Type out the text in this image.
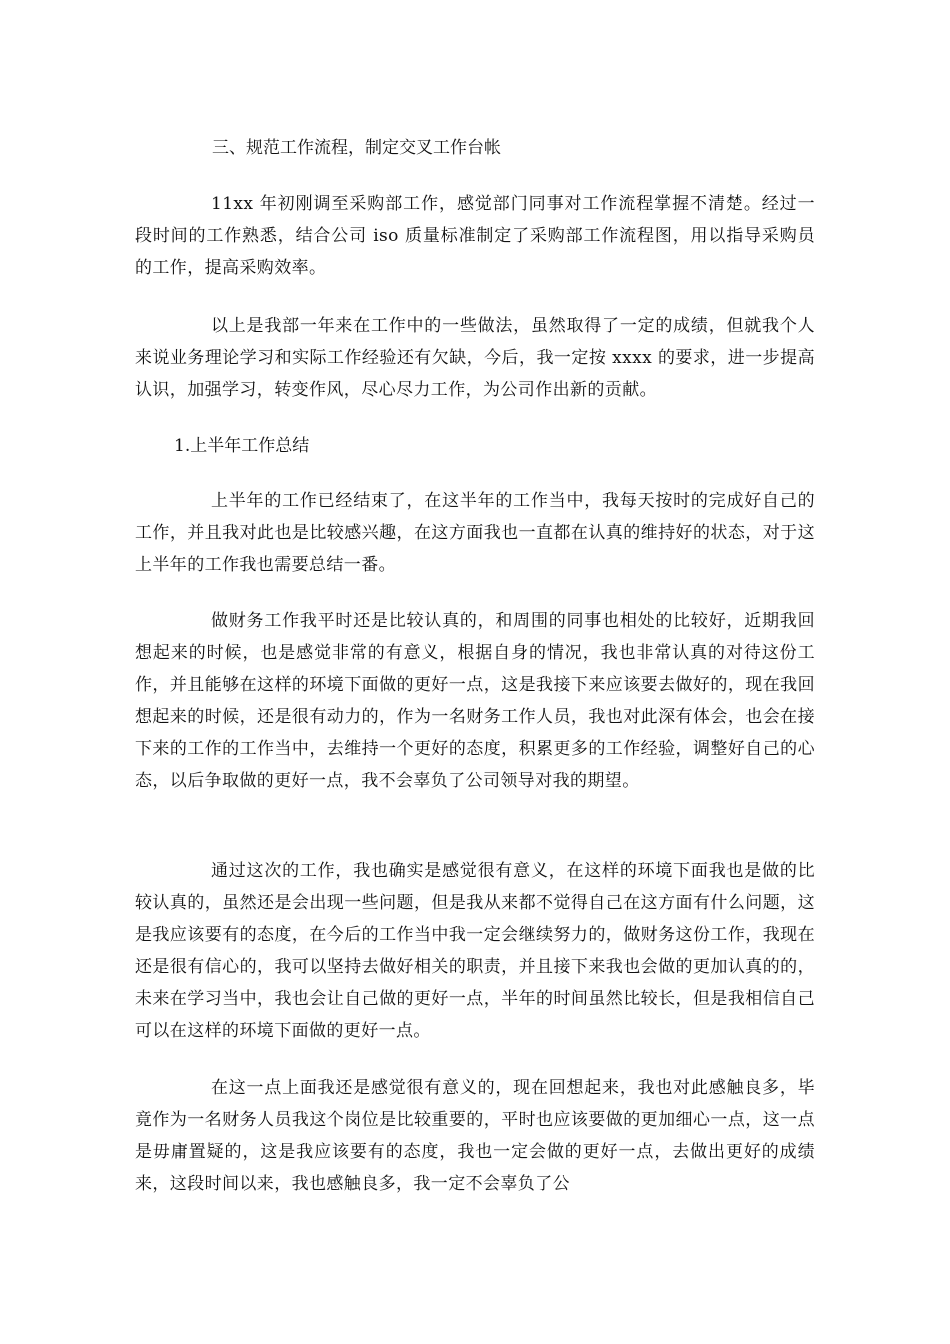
三、规范工作流程，制定交叉工作台帐

11xx 年初刚调至采购部工作，感觉部门同事对工作流程掌握不清楚。经过一段时间的工作熟悉，结合公司 iso 质量标准制定了采购部工作流程图，用以指导采购员的工作，提高采购效率。

以上是我部一年来在工作中的一些做法，虽然取得了一定的成绩，但就我个人来说业务理论学习和实际工作经验还有欠缺，今后，我一定按 xxxx 的要求，进一步提高认识，加强学习，转变作风，尽心尽力工作，为公司作出新的贡献。

1.上半年工作总结

上半年的工作已经结束了，在这半年的工作当中，我每天按时的完成好自己的工作，并且我对此也是比较感兴趣，在这方面我也一直都在认真的维持好的状态，对于这上半年的工作我也需要总结一番。

做财务工作我平时还是比较认真的，和周围的同事也相处的比较好，近期我回想起来的时候，也是感觉非常的有意义，根据自身的情况，我也非常认真的对待这份工作，并且能够在这样的环境下面做的更好一点，这是我接下来应该要去做好的，现在我回想起来的时候，还是很有动力的，作为一名财务工作人员，我也对此深有体会，也会在接下来的工作的工作当中，去维持一个更好的态度，积累更多的工作经验，调整好自己的心态，以后争取做的更好一点，我不会辜负了公司领导对我的期望。

通过这次的工作，我也确实是感觉很有意义，在这样的环境下面我也是做的比较认真的，虽然还是会出现一些问题，但是我从来都不觉得自己在这方面有什么问题，这是我应该要有的态度，在今后的工作当中我一定会继续努力的，做财务这份工作，我现在还是很有信心的，我可以坚持去做好相关的职责，并且接下来我也会做的更加认真的的，未来在学习当中，我也会让自己做的更好一点，半年的时间虽然比较长，但是我相信自己可以在这样的环境下面做的更好一点。

在这一点上面我还是感觉很有意义的，现在回想起来，我也对此感触良多，毕竟作为一名财务人员我这个岗位是比较重要的，平时也应该要做的更加细心一点，这一点是毋庸置疑的，这是我应该要有的态度，我也一定会做的更好一点，去做出更好的成绩来，这段时间以来，我也感触良多，我一定不会辜负了公
